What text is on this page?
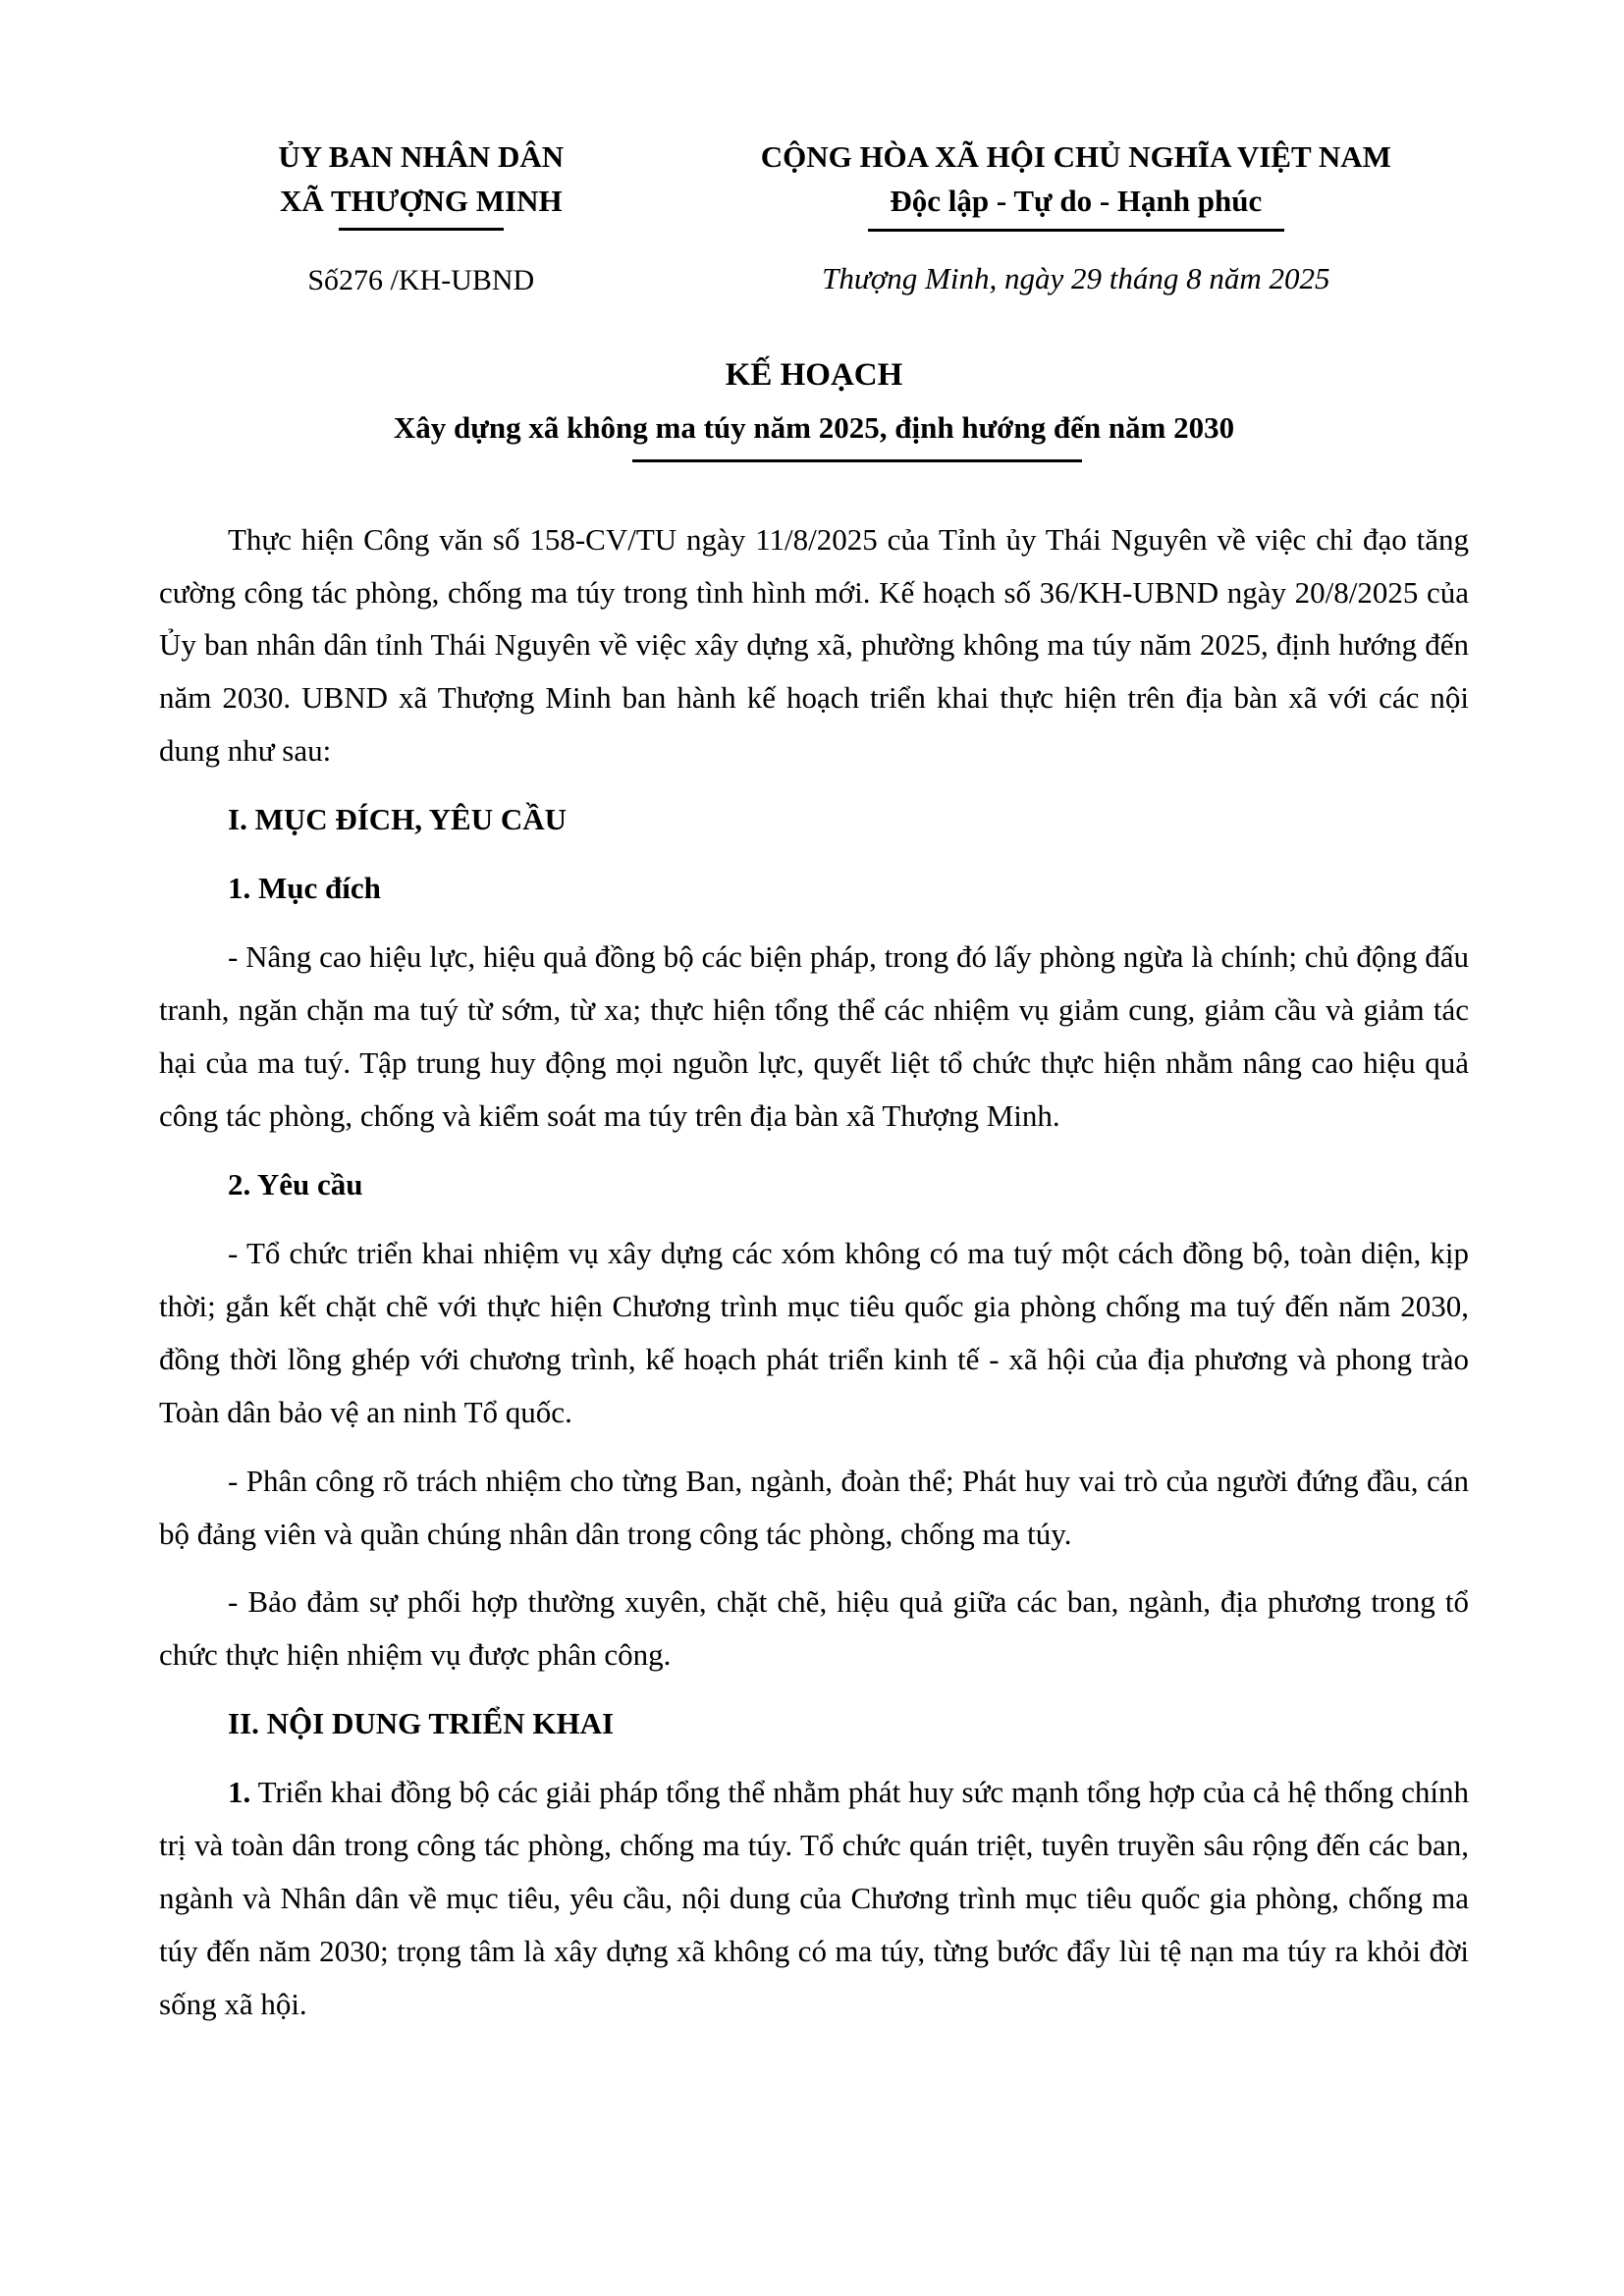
ỦY BAN NHÂN DÂN
XÃ THƯỢNG MINH
Số276 /KH-UBND
CỘNG HÒA XÃ HỘI CHỦ NGHĨA VIỆT NAM
Độc lập - Tự do - Hạnh phúc
Thượng Minh, ngày 29 tháng 8 năm 2025
KẾ HOẠCH
Xây dựng xã không ma túy năm 2025, định hướng đến năm 2030

Thực hiện Công văn số 158-CV/TU ngày 11/8/2025 của Tỉnh ủy Thái Nguyên về việc chỉ đạo tăng cường công tác phòng, chống ma túy trong tình hình mới. Kế hoạch số 36/KH-UBND ngày 20/8/2025 của Ủy ban nhân dân tỉnh Thái Nguyên về việc xây dựng xã, phường không ma túy năm 2025, định hướng đến năm 2030. UBND xã Thượng Minh ban hành kế hoạch triển khai thực hiện trên địa bàn xã với các nội dung như sau:

I. MỤC ĐÍCH, YÊU CẦU

1. Mục đích

- Nâng cao hiệu lực, hiệu quả đồng bộ các biện pháp, trong đó lấy phòng ngừa là chính; chủ động đấu tranh, ngăn chặn ma tuý từ sớm, từ xa; thực hiện tổng thể các nhiệm vụ giảm cung, giảm cầu và giảm tác hại của ma tuý. Tập trung huy động mọi nguồn lực, quyết liệt tổ chức thực hiện nhằm nâng cao hiệu quả công tác phòng, chống và kiểm soát ma túy trên địa bàn xã Thượng Minh.

2. Yêu cầu

- Tổ chức triển khai nhiệm vụ xây dựng các xóm không có ma tuý một cách đồng bộ, toàn diện, kịp thời; gắn kết chặt chẽ với thực hiện Chương trình mục tiêu quốc gia phòng chống ma tuý đến năm 2030, đồng thời lồng ghép với chương trình, kế hoạch phát triển kinh tế - xã hội của địa phương và phong trào Toàn dân bảo vệ an ninh Tổ quốc.

- Phân công rõ trách nhiệm cho từng Ban, ngành, đoàn thể; Phát huy vai trò của người đứng đầu, cán bộ đảng viên và quần chúng nhân dân trong công tác phòng, chống ma túy.

- Bảo đảm sự phối hợp thường xuyên, chặt chẽ, hiệu quả giữa các ban, ngành, địa phương trong tổ chức thực hiện nhiệm vụ được phân công.

II. NỘI DUNG TRIỂN KHAI

1. Triển khai đồng bộ các giải pháp tổng thể nhằm phát huy sức mạnh tổng hợp của cả hệ thống chính trị và toàn dân trong công tác phòng, chống ma túy. Tổ chức quán triệt, tuyên truyền sâu rộng đến các ban, ngành và Nhân dân về mục tiêu, yêu cầu, nội dung của Chương trình mục tiêu quốc gia phòng, chống ma túy đến năm 2030; trọng tâm là xây dựng xã không có ma túy, từng bước đẩy lùi tệ nạn ma túy ra khỏi đời sống xã hội.
